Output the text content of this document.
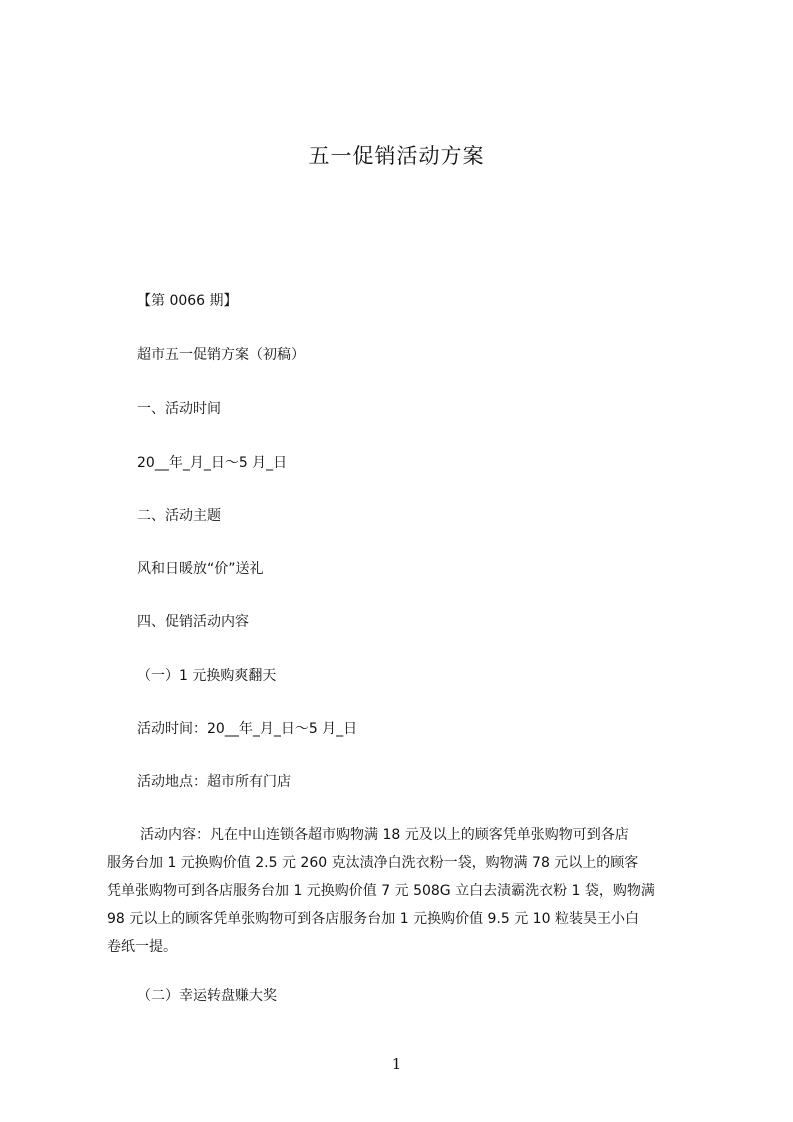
五一促销活动方案
【第 0066 期】
超市五一促销方案（初稿）
一、活动时间
20__年_月_日～5 月_日
二、活动主题
风和日暖放“价”送礼
四、促销活动内容
（一）1 元换购爽翻天
活动时间：20__年_月_日～5 月_日
活动地点：超市所有门店
活动内容：凡在中山连锁各超市购物满 18 元及以上的顾客凭单张购物可到各店
服务台加 1 元换购价值 2.5 元 260 克汰渍净白洗衣粉一袋，购物满 78 元以上的顾客
凭单张购物可到各店服务台加 1 元换购价值 7 元 508G 立白去渍霸洗衣粉 1 袋，购物满
98 元以上的顾客凭单张购物可到各店服务台加 1 元换购价值 9.5 元 10 粒装昊王小白
卷纸一提。
（二）幸运转盘赚大奖
1
